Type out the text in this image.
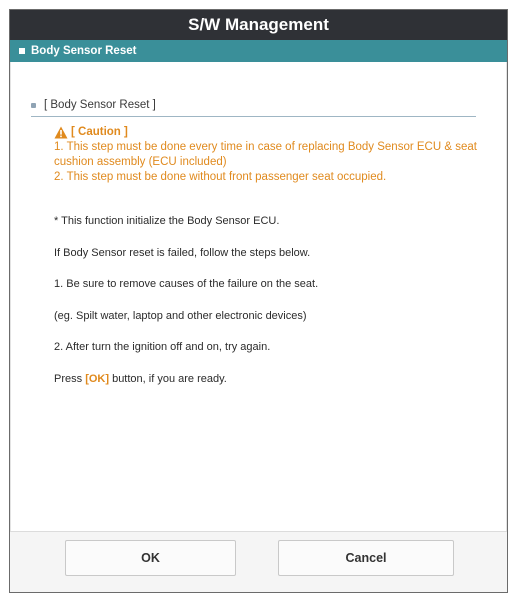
S/W Management
Body Sensor Reset
[ Body Sensor Reset ]
[ Caution ]

1. This step must be done every time in case of replacing Body Sensor ECU & seat cushion assembly (ECU included)

2. This step must be done without front passenger seat occupied.

* This function initialize the Body Sensor ECU.
If Body Sensor reset is failed, follow the steps below.
1. Be sure to remove causes of the failure on the seat.
(eg. Spilt water, laptop and other electronic devices)
2. After turn the ignition off and on, try again.
Press [OK] button, if you are ready.
OK	Cancel
